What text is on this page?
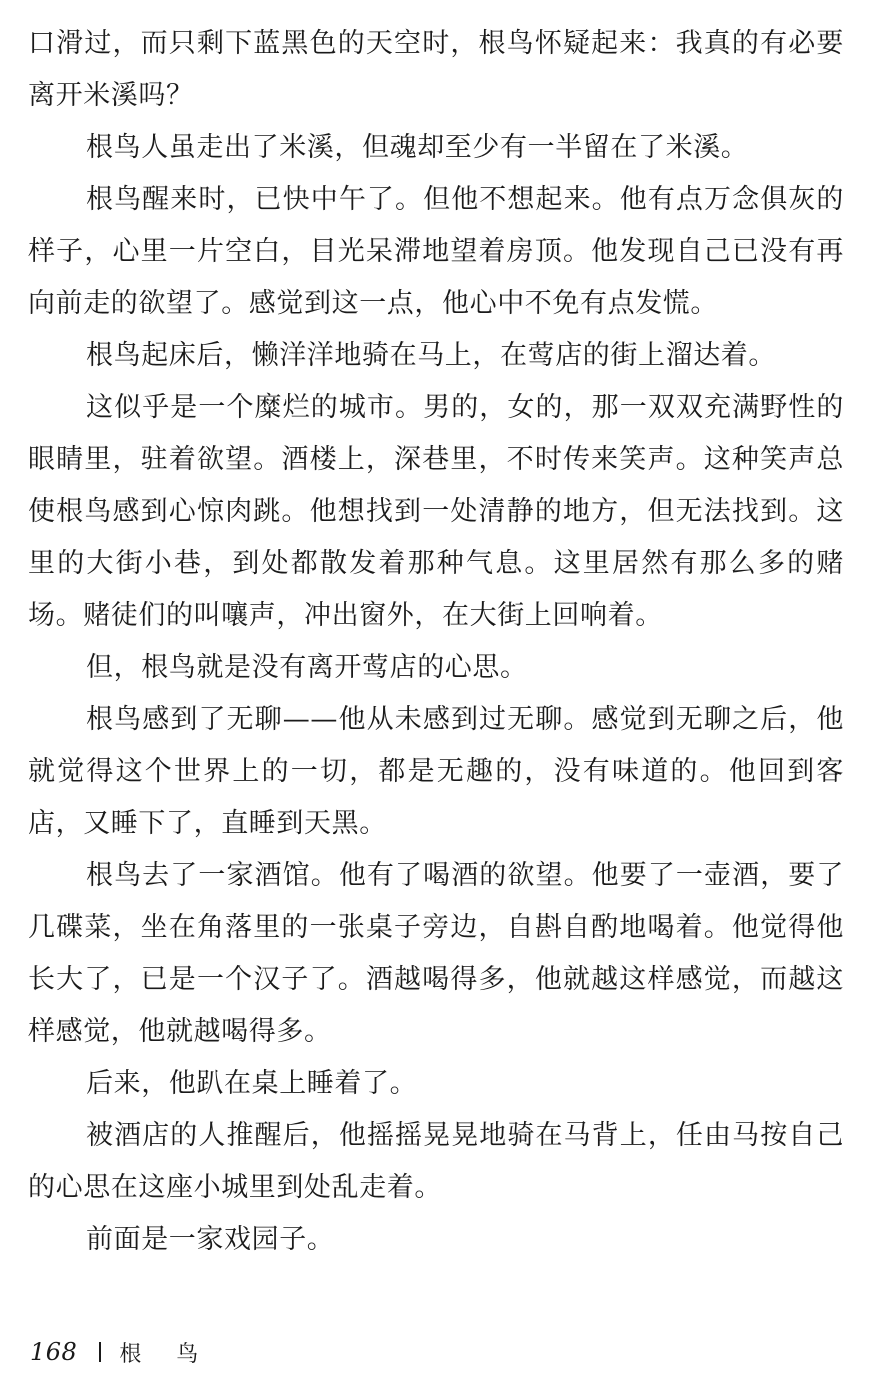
口滑过，而只剩下蓝黑色的天空时，根鸟怀疑起来：我真的有必要离开米溪吗？

根鸟人虽走出了米溪，但魂却至少有一半留在了米溪。

根鸟醒来时，已快中午了。但他不想起来。他有点万念俱灰的样子，心里一片空白，目光呆滞地望着房顶。他发现自己已没有再向前走的欲望了。感觉到这一点，他心中不免有点发慌。

根鸟起床后，懒洋洋地骑在马上，在莺店的街上溜达着。

这似乎是一个糜烂的城市。男的，女的，那一双双充满野性的眼睛里，驻着欲望。酒楼上，深巷里，不时传来笑声。这种笑声总使根鸟感到心惊肉跳。他想找到一处清静的地方，但无法找到。这里的大街小巷，到处都散发着那种气息。这里居然有那么多的赌场。赌徒们的叫嚷声，冲出窗外，在大街上回响着。

但，根鸟就是没有离开莺店的心思。

根鸟感到了无聊——他从未感到过无聊。感觉到无聊之后，他就觉得这个世界上的一切，都是无趣的，没有味道的。他回到客店，又睡下了，直睡到天黑。

根鸟去了一家酒馆。他有了喝酒的欲望。他要了一壶酒，要了几碟菜，坐在角落里的一张桌子旁边，自斟自酌地喝着。他觉得他长大了，已是一个汉子了。酒越喝得多，他就越这样感觉，而越这样感觉，他就越喝得多。

后来，他趴在桌上睡着了。

被酒店的人推醒后，他摇摇晃晃地骑在马背上，任由马按自己的心思在这座小城里到处乱走着。

前面是一家戏园子。

168 根 鸟
